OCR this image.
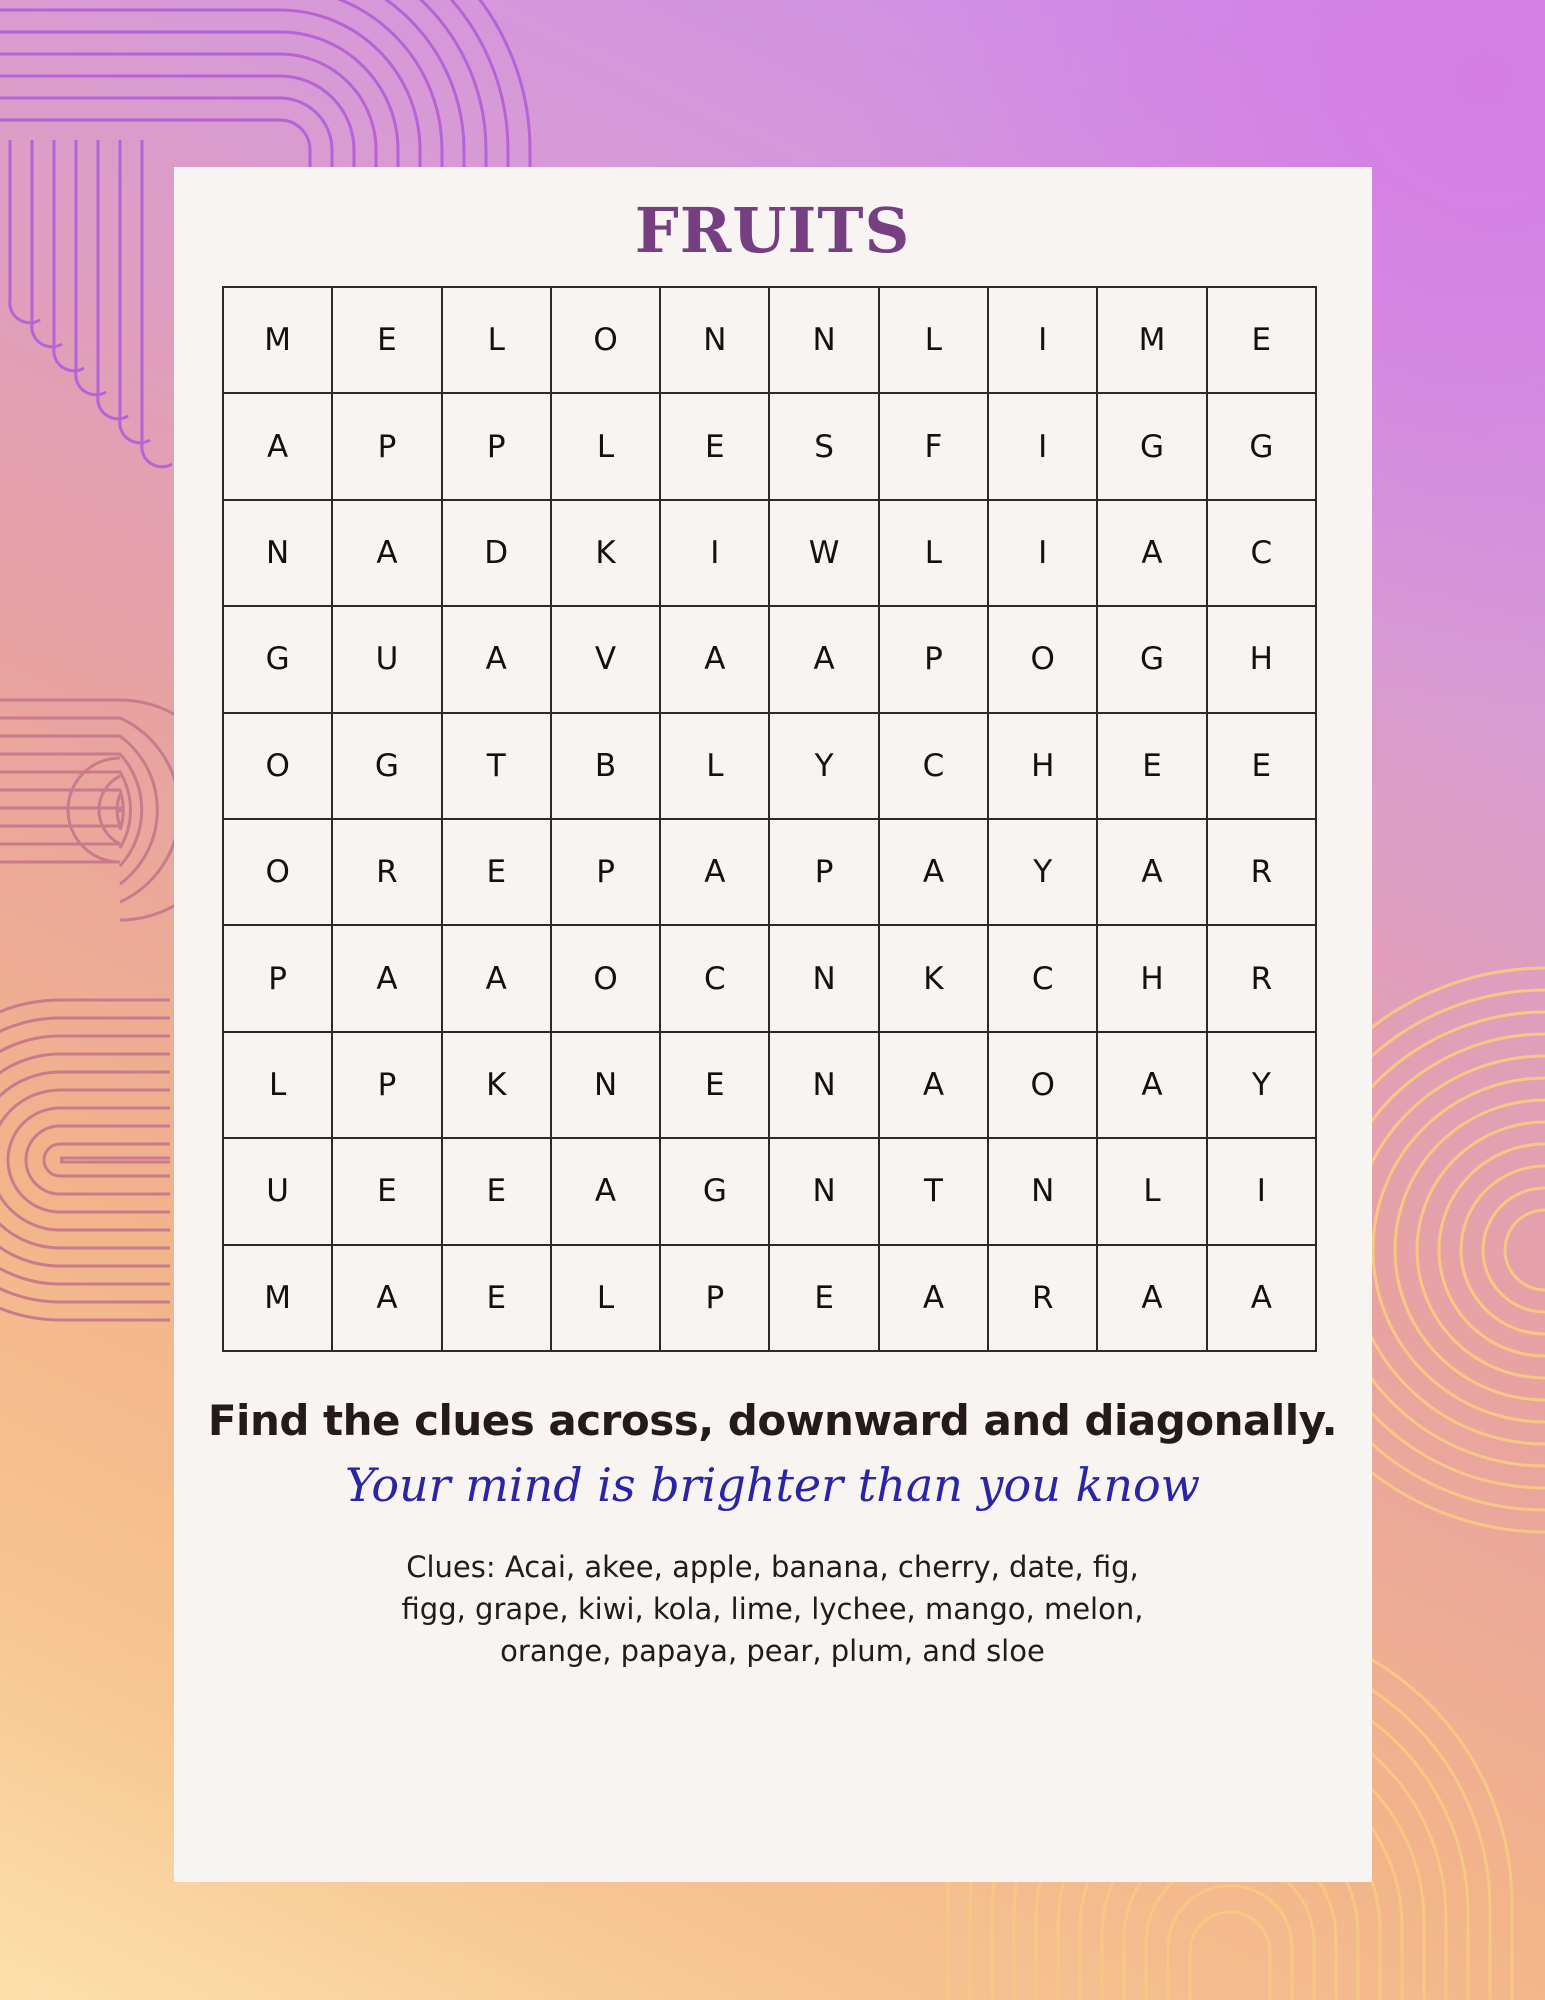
FRUITS
M	E	L	O	N	N	L	I	M	E
A	P	P	L	E	S	F	I	G	G
N	A	D	K	I	W	L	I	A	C
G	U	A	V	A	A	P	O	G	H
O	G	T	B	L	Y	C	H	E	E
O	R	E	P	A	P	A	Y	A	R
P	A	A	O	C	N	K	C	H	R
L	P	K	N	E	N	A	O	A	Y
U	E	E	A	G	N	T	N	L	I
M	A	E	L	P	E	A	R	A	A
Find the clues across, downward and diagonally.
Your mind is brighter than you know
Clues: Acai, akee, apple, banana, cherry, date, fig, figg, grape, kiwi, kola, lime, lychee, mango, melon, orange, papaya, pear, plum, and sloe
